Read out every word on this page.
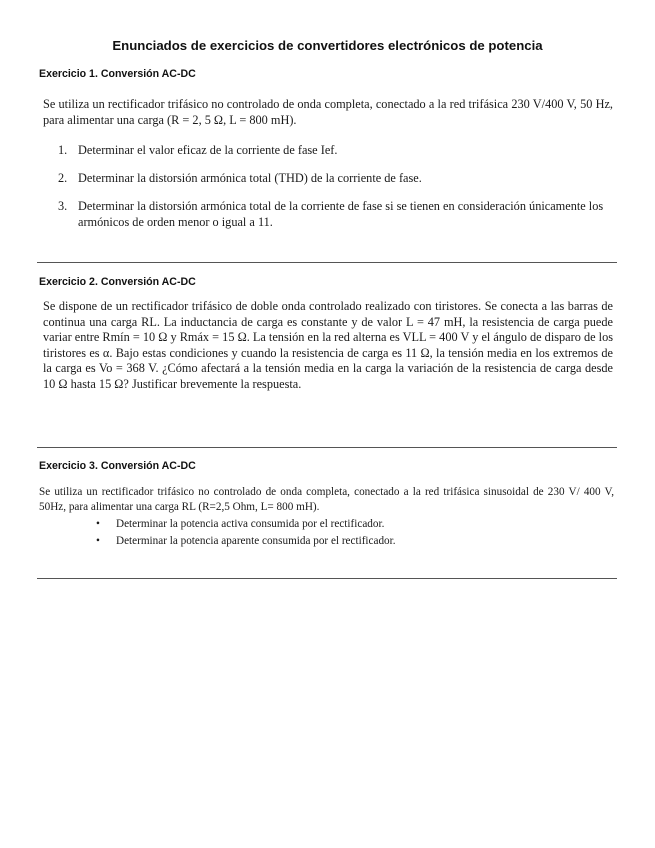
Enunciados de exercicios de convertidores electrónicos de potencia
Exercicio 1. Conversión AC-DC
Se utiliza un rectificador trifásico no controlado de onda completa, conectado a la red trifásica 230 V/400 V, 50 Hz, para alimentar una carga (R = 2, 5 Ω, L = 800 mH).
1. Determinar el valor eficaz de la corriente de fase Ief.
2. Determinar la distorsión armónica total (THD) de la corriente de fase.
3. Determinar la distorsión armónica total de la corriente de fase si se tienen en consideración únicamente los armónicos de orden menor o igual a 11.
Exercicio 2. Conversión AC-DC
Se dispone de un rectificador trifásico de doble onda controlado realizado con tiristores. Se conecta a las barras de continua una carga RL. La inductancia de carga es constante y de valor L = 47 mH, la resistencia de carga puede variar entre Rmín = 10 Ω y Rmáx = 15 Ω. La tensión en la red alterna es VLL = 400 V y el ángulo de disparo de los tiristores es α. Bajo estas condiciones y cuando la resistencia de carga es 11 Ω, la tensión media en los extremos de la carga es Vo = 368 V. ¿Cómo afectará a la tensión media en la carga la variación de la resistencia de carga desde 10 Ω hasta 15 Ω? Justificar brevemente la respuesta.
Exercicio 3. Conversión AC-DC
Se utiliza un rectificador trifásico no controlado de onda completa, conectado a la red trifásica sinusoidal de 230 V/ 400 V, 50Hz, para alimentar una carga RL (R=2,5 Ohm, L= 800 mH).
• Determinar la potencia activa consumida por el rectificador.
• Determinar la potencia aparente consumida por el rectificador.
